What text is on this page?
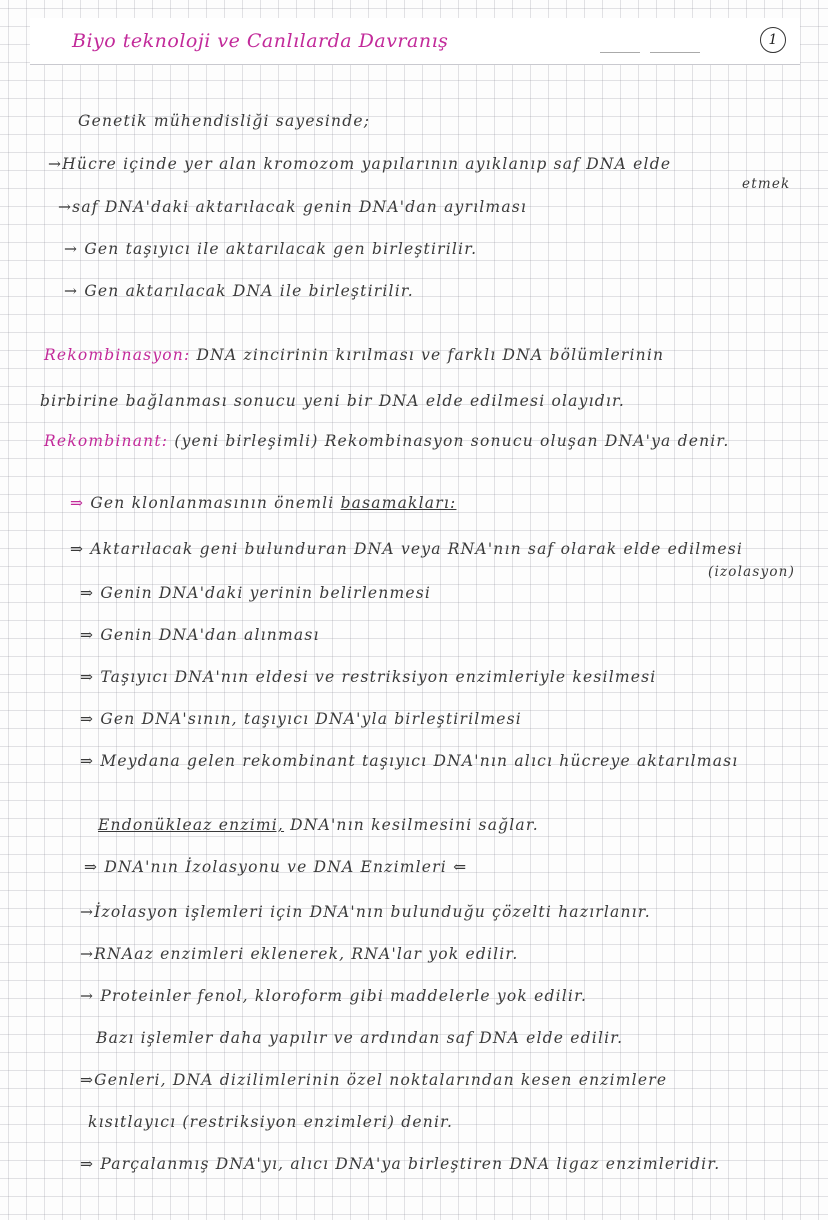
Biyo teknoloji ve Canlılarda Davranış	1
Genetik mühendisliği sayesinde;
→Hücre içinde yer alan kromozom yapılarının ayıklanıp saf DNA elde
etmek
→saf DNA'daki aktarılacak genin DNA'dan ayrılması
→ Gen taşıyıcı ile aktarılacak gen birleştirilir.
→ Gen aktarılacak DNA ile birleştirilir.
Rekombinasyon: DNA zincirinin kırılması ve farklı DNA bölümlerinin
birbirine bağlanması sonucu yeni bir DNA elde edilmesi olayıdır.
Rekombinant: (yeni birleşimli) Rekombinasyon sonucu oluşan DNA'ya denir.
⇒ Gen klonlanmasının önemli basamakları:
⇒ Aktarılacak geni bulunduran DNA veya RNA'nın saf olarak elde edilmesi
(izolasyon)
⇒ Genin DNA'daki yerinin belirlenmesi
⇒ Genin DNA'dan alınması
⇒ Taşıyıcı DNA'nın eldesi ve restriksiyon enzimleriyle kesilmesi
⇒ Gen DNA'sının, taşıyıcı DNA'yla birleştirilmesi
⇒ Meydana gelen rekombinant taşıyıcı DNA'nın alıcı hücreye aktarılması
Endonükleaz enzimi, DNA'nın kesilmesini sağlar.
⇒ DNA'nın İzolasyonu ve DNA Enzimleri ⇐
→İzolasyon işlemleri için DNA'nın bulunduğu çözelti hazırlanır.
→RNAaz enzimleri eklenerek, RNA'lar yok edilir.
→ Proteinler fenol, kloroform gibi maddelerle yok edilir.
Bazı işlemler daha yapılır ve ardından saf DNA elde edilir.
⇒Genleri, DNA dizilimlerinin özel noktalarından kesen enzimlere
kısıtlayıcı (restriksiyon enzimleri) denir.
⇒ Parçalanmış DNA'yı, alıcı DNA'ya birleştiren DNA ligaz enzimleridir.
